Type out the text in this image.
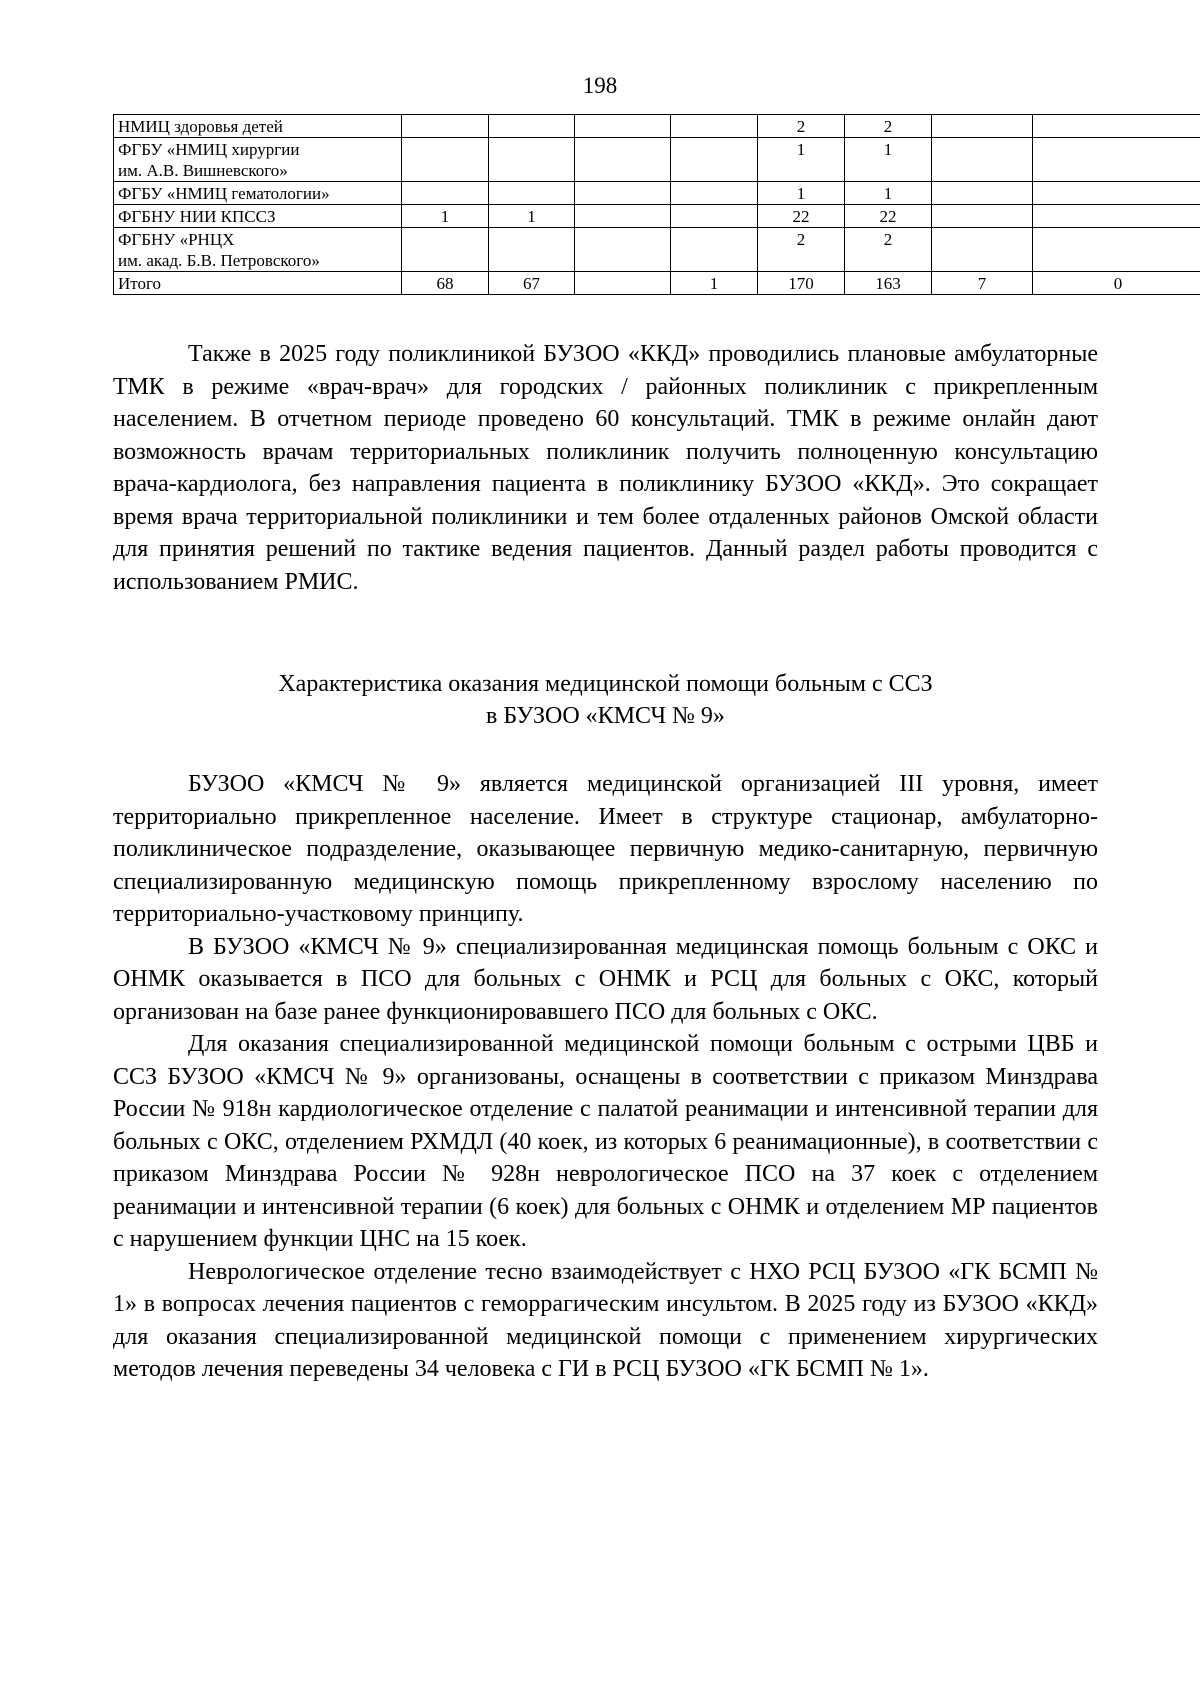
198
НМИЦ здоровья детей					2	2		
ФГБУ «НМИЦ хирургии
им. А.В. Вишневского»					1	1		
ФГБУ «НМИЦ гематологии»					1	1		
ФГБНУ НИИ КПССЗ	1	1			22	22		
ФГБНУ «РНЦХ
им. акад. Б.В. Петровского»					2	2		
Итого	68	67		1	170	163	7	0

Также в 2025 году поликлиникой БУЗОО «ККД» проводились плановые амбулаторные ТМК в режиме «врач-врач» для городских / районных поликлиник с прикрепленным населением. В отчетном периоде проведено 60 консультаций. ТМК в режиме онлайн дают возможность врачам территориальных поликлиник получить полноценную консультацию врача-кардиолога, без направления пациента в поликлинику БУЗОО «ККД». Это сокращает время врача территориальной поликлиники и тем более отдаленных районов Омской области для принятия решений по тактике ведения пациентов. Данный раздел работы проводится с использованием РМИС.

Характеристика оказания медицинской помощи больным с ССЗ
в БУЗОО «КМСЧ № 9»

БУЗОО «КМСЧ № 9» является медицинской организацией III уровня, имеет территориально прикрепленное население. Имеет в структуре стационар, амбулаторно-поликлиническое подразделение, оказывающее первичную медико-санитарную, первичную специализированную медицинскую помощь прикрепленному взрослому населению по территориально-участковому принципу.

В БУЗОО «КМСЧ № 9» специализированная медицинская помощь больным с ОКС и ОНМК оказывается в ПСО для больных с ОНМК и РСЦ для больных с ОКС, который организован на базе ранее функционировавшего ПСО для больных с ОКС.

Для оказания специализированной медицинской помощи больным с острыми ЦВБ и ССЗ БУЗОО «КМСЧ № 9» организованы, оснащены в соответствии с приказом Минздрава России № 918н кардиологическое отделение с палатой реанимации и интенсивной терапии для больных с ОКС, отделением РХМДЛ (40 коек, из которых 6 реанимационные), в соответствии с приказом Минздрава России № 928н неврологическое ПСО на 37 коек с отделением реанимации и интенсивной терапии (6 коек) для больных с ОНМК и отделением МР пациентов с нарушением функции ЦНС на 15 коек.

Неврологическое отделение тесно взаимодействует с НХО РСЦ БУЗОО «ГК БСМП № 1» в вопросах лечения пациентов с геморрагическим инсультом. В 2025 году из БУЗОО «ККД» для оказания специализированной медицинской помощи с применением хирургических методов лечения переведены 34 человека с ГИ в РСЦ БУЗОО «ГК БСМП № 1».
